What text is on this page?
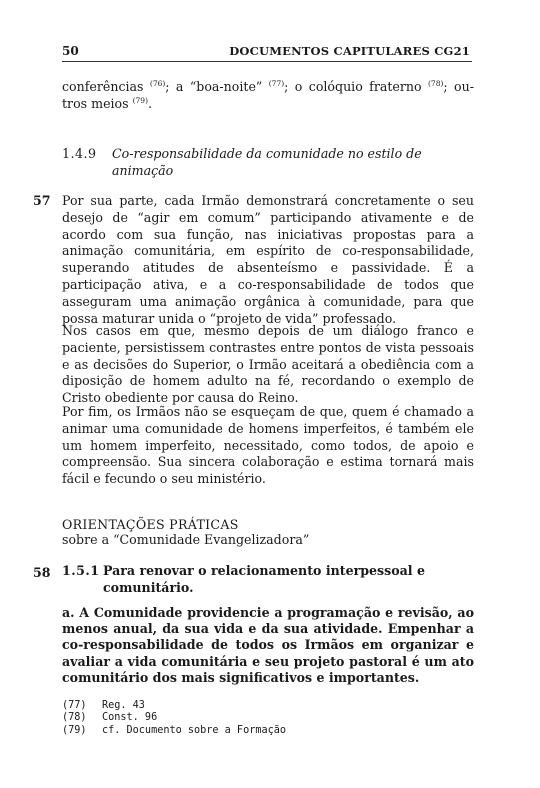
50	DOCUMENTOS CAPITULARES CG21

conferências $^{(76)}$; a “boa-noite” $^{(77)}$; o colóquio fraterno $^{(78)}$; ou-tros meios $^{(79)}$.

1.4.9 Co-responsabilidade da comunidade no estilo de animação
57 Por sua parte, cada Irmão demonstrará concretamente o seu desejo de “agir em comum” participando ativamente e de acordo com sua função, nas iniciativas propostas para a animação comunitária, em espírito de co-responsabilidade, superando atitudes de absenteísmo e passividade. É a participação ativa, e a co-responsabilidade de todos que asseguram uma animação orgânica à comunidade, para que possa maturar unida o “projeto de vida” professado.

Nos casos em que, mesmo depois de um diálogo franco e paciente, persistissem contrastes entre pontos de vista pessoais e as decisões do Superior, o Irmão aceitará a obediência com a diposição de homem adulto na fé, recordando o exemplo de Cristo obediente por causa do Reino.

Por fim, os Irmãos não se esqueçam de que, quem é chamado a animar uma comunidade de homens imperfeitos, é também ele um homem imperfeito, necessitado, como todos, de apoio e compreensão. Sua sincera colaboração e estima tornará mais fácil e fecundo o seu ministério.

ORIENTAÇÕES PRÁTICAS
sobre a “Comunidade Evangelizadora”
58 1.5.1 Para renovar o relacionamento interpessoal e comunitário.

a. A Comunidade providencie a programação e revisão, ao menos anual, da sua vida e da sua atividade. Empenhar a co-responsabilidade de todos os Irmãos em organizar e avaliar a vida comunitária e seu projeto pastoral é um ato comunitário dos mais significativos e importantes.

(77)	Reg. 43
(78)	Const. 96
(79)	cf. Documento sobre a Formação
